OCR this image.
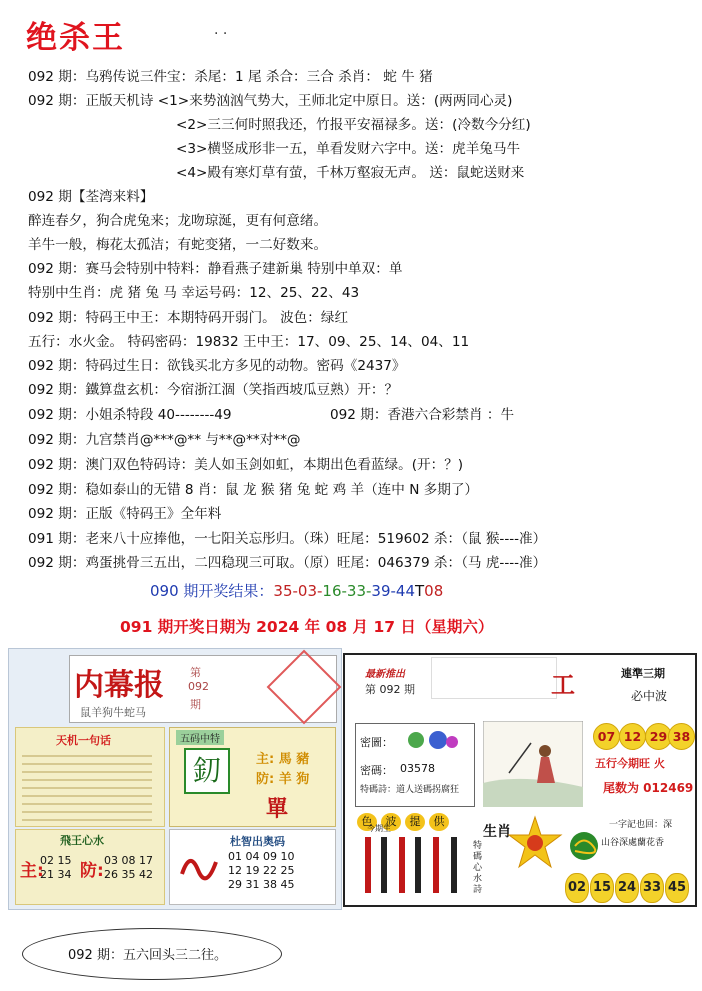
绝杀王	. .
092 期：乌鸦传说三件宝：杀尾：1 尾 杀合：三合 杀肖： 蛇 牛 猪
092 期：正版天机诗 <1>来势汹汹气势大，王师北定中原日。送：(两两同心灵)
<2>三三何时照我还，竹报平安福禄多。送：(冷数今分红)
<3>横竖成形非一五，单看发财六字中。送：虎羊兔马牛
<4>殿有寒灯草有萤，千林万壑寂无声。 送：鼠蛇送财来
092 期【荃湾来料】
醉连春夕，狗合虎兔来；龙吻琼涎，更有何意绪。
羊牛一般，梅花太孤洁；有蛇变猪，一二好数来。
092 期：赛马会特别中特料：静看燕子建新巢 特别中单双：单
特别中生肖：虎 猪 兔 马 幸运号码：12、25、22、43
092 期：特码王中王：本期特码开弱门。 波色：绿红
五行：水火金。 特码密码：19832 王中王：17、09、25、14、04、11
092 期：特码过生日：欲钱买北方多见的动物。密码《2437》
092 期：鐵算盘玄机：今宿浙江涸（笑指西坡瓜豆熟）开：？
092 期：小姐杀特段 40--------49	092 期：香港六合彩禁肖 ：牛
092 期：九宫禁肖@***@** 与**@**对**@
092 期：澳门双色特码诗：美人如玉剑如虹，本期出色看蓝绿。(开：？)
092 期：稳如泰山的无错 8 肖：鼠 龙 猴 猪 兔 蛇 鸡 羊（连中 N 多期了）
092 期：正版《特码王》全年料
091 期：老来八十应捧他，一七阳关忘彤归。（珠）旺尾：519602 杀：（鼠 猴----准）
092 期：鸡蛋挑骨三五出，二四稳现三可取。（原）旺尾：046379 杀：（马 虎----准）
090 期开奖结果：35-03-16-33-39-44T08
091 期开奖日期为 2024 年 08 月 17 日（星期六）
内幕报 第
092
期
鼠羊狗牛蛇马
天机一句话	五码中特
釖	主: 馬 豬
防: 羊 狗
單
飛王心水
主:
02 15
21 34 防:
03 08 17
26 35 42
杜智出奥码
01 04 09 10
12 19 22 25
29 31 38 45
最新推出
第 092 期	⼯	連準三期
必中波
密圖：
密碼： 03578
特碼詩：道人送碼拐腐狂
07 12 29 38
五行今期旺 火
尾数为 012469
色	波	提	供
今期生	生肖
特碼心水詩
一字記也回：深
山谷深處蘭花香
02 15 24 33 45
092 期：五六回头三二往。
